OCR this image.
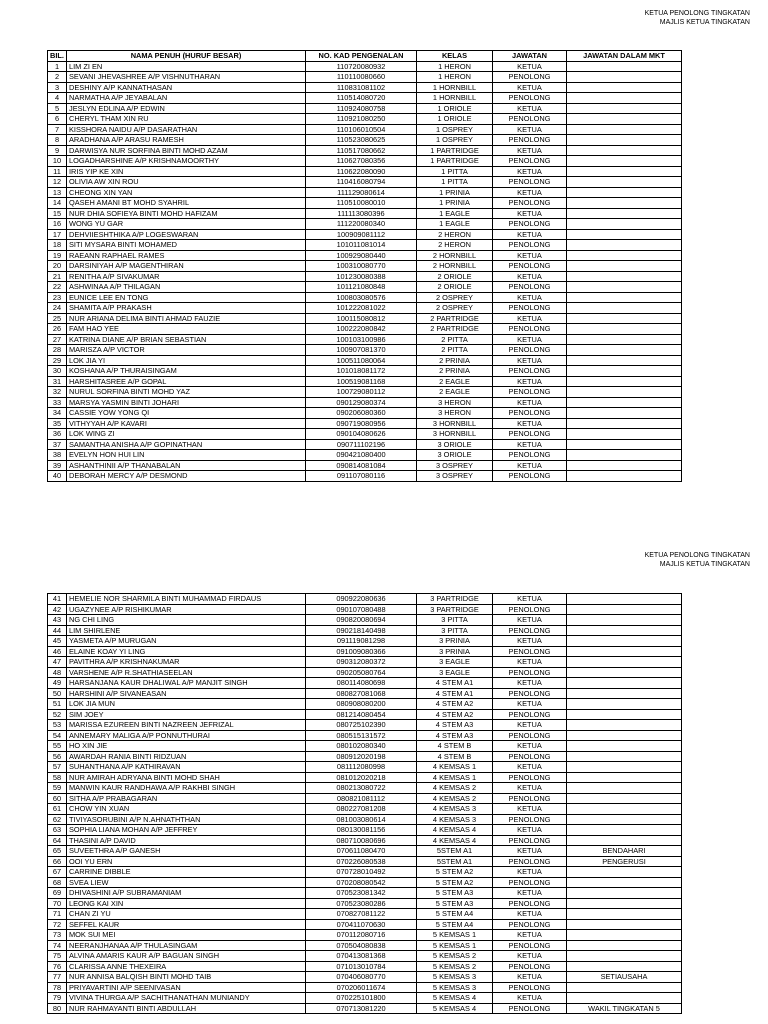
KETUA PENOLONG TINGKATAN
MAJLIS KETUA TINGKATAN
BIL.	NAMA PENUH (HURUF BESAR)	NO. KAD PENGENALAN	KELAS	JAWATAN	JAWATAN DALAM MKT
1	LIM ZI EN	110720080932	1 HERON	KETUA	
2	SEVANI JHEVASHREE A/P VISHNUTHARAN	110110080660	1 HERON	PENOLONG	
3	DESHINY A/P KANNATHASAN	110831081102	1 HORNBILL	KETUA	
4	NARMATHA A/P JEYABALAN	110514080720	1 HORNBILL	PENOLONG	
5	JESLYN EDLINA A/P EDWIN	110924080758	1 ORIOLE	KETUA	
6	CHERYL THAM XIN RU	110921080250	1 ORIOLE	PENOLONG	
7	KISSHORA NAIDU A/P DASARATHAN	110106010504	1 OSPREY	KETUA	
8	ARADHANA A/P ARASU RAMESH	110523080625	1 OSPREY	PENOLONG	
9	DARWISYA NUR SORFINA BINTI MOHD AZAM	110517080662	1 PARTRIDGE	KETUA	
10	LOGADHARSHINE A/P KRISHNAMOORTHY	110627080356	1 PARTRIDGE	PENOLONG	
11	IRIS YIP KE XIN	110622080090	1 PITTA	KETUA	
12	OLIVIA AW XIN ROU	110416080794	1 PITTA	PENOLONG	
13	CHEONG XIN YAN	111129080614	1 PRINIA	KETUA	
14	QASEH AMANI BT MOHD SYAHRIL	110510080010	1 PRINIA	PENOLONG	
15	NUR DHIA SOFIEYA BINTI MOHD HAFIZAM	111113080396	1 EAGLE	KETUA	
16	WONG YU GAR	111220080340	1 EAGLE	PENOLONG	
17	DEHVIIESHTHIKA A/P LOGESWARAN	100909081112	2 HERON	KETUA	
18	SITI MYSARA BINTI MOHAMED	101011081014	2 HERON	PENOLONG	
19	RAEANN RAPHAEL RAMES	100929080440	2 HORNBILL	KETUA	
20	DARSINIYAH A/P MAGENTHIRAN	100310080770	2 HORNBILL	PENOLONG	
21	RENITHA A/P SIVAKUMAR	101230080388	2 ORIOLE	KETUA	
22	ASHWINAA A/P THILAGAN	101121080848	2 ORIOLE	PENOLONG	
23	EUNICE LEE EN TONG	100803080576	2 OSPREY	KETUA	
24	SHAMITA A/P PRAKASH	101222081022	2 OSPREY	PENOLONG	
25	NUR ARIANA DELIMA BINTI AHMAD FAUZIE	100115080812	2 PARTRIDGE	KETUA	
26	FAM HAO YEE	100222080842	2 PARTRIDGE	PENOLONG	
27	KATRINA DIANE A/P BRIAN SEBASTIAN	100103100986	2 PITTA	KETUA	
28	MARISZA A/P VICTOR	100907081370	2 PITTA	PENOLONG	
29	LOK JIA YI	100511080064	2 PRINIA	KETUA	
30	KOSHANA A/P THURAISINGAM	101018081172	2 PRINIA	PENOLONG	
31	HARSHITASREE A/P GOPAL	100519081168	2 EAGLE	KETUA	
32	NURUL SORFINA BINTI MOHD YAZ	100729080112	2 EAGLE	PENOLONG	
33	MARSYA YASMIN BINTI JOHARI	090129080374	3 HERON	KETUA	
34	CASSIE YOW YONG QI	090206080360	3 HERON	PENOLONG	
35	VITHYYAH A/P KAVARI	090719080956	3 HORNBILL	KETUA	
36	LOK WING ZI	090104080626	3 HORNBILL	PENOLONG	
37	SAMANTHA ANISHA A/P GOPINATHAN	090711102196	3 ORIOLE	KETUA	
38	EVELYN HON HUI LIN	090421080400	3 ORIOLE	PENOLONG	
39	ASHANTHINII A/P THANABALAN	090814081084	3 OSPREY	KETUA	
40	DEBORAH MERCY A/P DESMOND	091107080116	3 OSPREY	PENOLONG	
KETUA PENOLONG TINGKATAN
MAJLIS KETUA TINGKATAN
41	HEMELIE NOR SHARMILA BINTI MUHAMMAD FIRDAUS	090922080636	3 PARTRIDGE	KETUA	
42	UGAZYNEE A/P RISHIKUMAR	090107080488	3 PARTRIDGE	PENOLONG	
43	NG CHI LING	090820080694	3 PITTA	KETUA	
44	LIM SHIRLENE	090218140498	3 PITTA	PENOLONG	
45	YASMETA A/P MURUGAN	091119081298	3 PRINIA	KETUA	
46	ELAINE KOAY YI LING	091009080366	3 PRINIA	PENOLONG	
47	PAVITHRA A/P KRISHNAKUMAR	090312080372	3 EAGLE	KETUA	
48	VARSHENE A/P R.SHATHIASEELAN	090205080764	3 EAGLE	PENOLONG	
49	HARSANJANA KAUR DHALIWAL A/P MANJIT SINGH	080114080698	4 STEM A1	KETUA	
50	HARSHINI A/P SIVANEASAN	080827081068	4 STEM A1	PENOLONG	
51	LOK JIA MUN	080908080200	4 STEM A2	KETUA	
52	SIM JOEY	081214080454	4 STEM A2	PENOLONG	
53	MARISSA EZUREEN BINTI NAZREEN JEFRIZAL	080725102390	4 STEM A3	KETUA	
54	ANNEMARY MALIGA A/P PONNUTHURAI	080515131572	4 STEM A3	PENOLONG	
55	HO XIN JIE	080102080340	4 STEM B	KETUA	
56	AWARDAH RANIA BINTI RIDZUAN	080912020198	4 STEM B	PENOLONG	
57	SUHANTHANA A/P KATHIRAVAN	081112080998	4 KEMSAS 1	KETUA	
58	NUR AMIRAH ADRYANA BINTI MOHD SHAH	081012020218	4 KEMSAS 1	PENOLONG	
59	MANWIN KAUR RANDHAWA A/P RAKHBI SINGH	080213080722	4 KEMSAS 2	KETUA	
60	SITHA A/P PRABAGARAN	080821081112	4 KEMSAS 2	PENOLONG	
61	CHOW YIN XUAN	080227081208	4 KEMSAS 3	KETUA	
62	TIVIYASORUBINI A/P N.AHNATHTHAN	081003080614	4 KEMSAS 3	PENOLONG	
63	SOPHIA LIANA MOHAN A/P JEFFREY	080130081156	4 KEMSAS 4	KETUA	
64	THASINI A/P DAVID	080710080696	4 KEMSAS 4	PENOLONG	
65	SUVEETHRA A/P GANESH	070611080470	5STEM A1	KETUA	BENDAHARI
66	OOI YU ERN	070226080538	5STEM A1	PENOLONG	PENGERUSI
67	CARRINE DIBBLE	070728010492	5 STEM A2	KETUA	
68	SVEA LIEW	070208080542	5 STEM A2	PENOLONG	
69	DHIVASHINI A/P SUBRAMANIAM	070523081342	5 STEM A3	KETUA	
70	LEONG KAI XIN	070523080286	5 STEM A3	PENOLONG	
71	CHAN ZI YU	070827081122	5 STEM A4	KETUA	
72	SEFFEL KAUR	070411070630	5 STEM A4	PENOLONG	
73	MOK SUI MEI	070112080716	5 KEMSAS 1	KETUA	
74	NEERANJHANAA A/P THULASINGAM	070504080838	5 KEMSAS 1	PENOLONG	
75	ALVINA AMARIS KAUR A/P BAGUAN SINGH	070413081368	5 KEMSAS 2	KETUA	
76	CLARISSA ANNE THEXEIRA	071013010784	5 KEMSAS 2	PENOLONG	
77	NUR ANNISA BALQISH BINTI MOHD TAIB	070406080770	5 KEMSAS 3	KETUA	SETIAUSAHA
78	PRIYAVARTINI A/P SEENIVASAN	070206011674	5 KEMSAS 3	PENOLONG	
79	VIVINA THURGA A/P SACHITHANATHAN MUNIANDY	070225101800	5 KEMSAS 4	KETUA	
80	NUR RAHMAYANTI BINTI ABDULLAH	070713081220	5 KEMSAS 4	PENOLONG	WAKIL TINGKATAN 5
